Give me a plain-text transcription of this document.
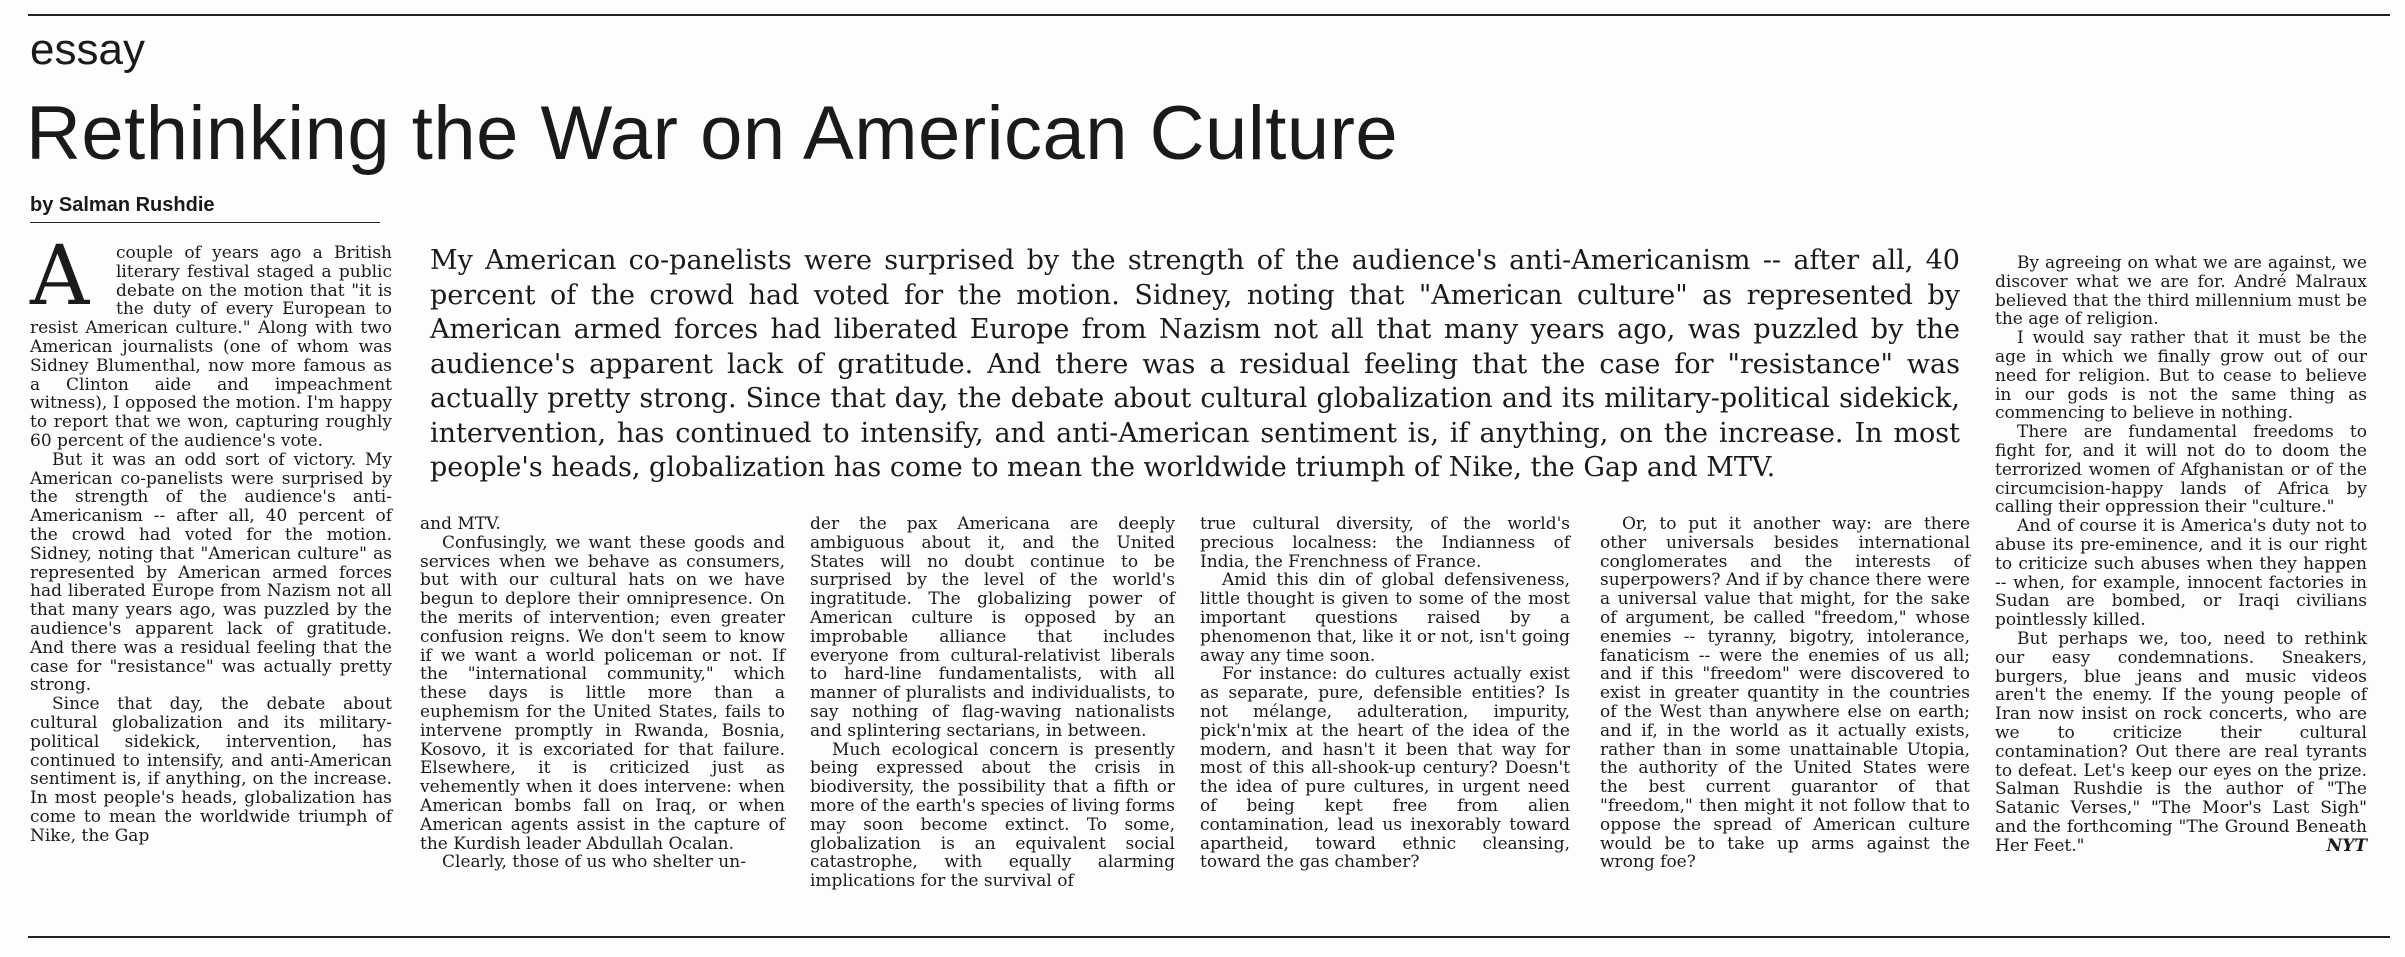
essay
Rethinking the War on American Culture
by Salman Rushdie

A couple of years ago a British literary festival staged a public debate on the motion that "it is the duty of every European to resist American culture." Along with two American journalists (one of whom was Sidney Blumenthal, now more famous as a Clinton aide and impeachment witness), I opposed the motion. I'm happy to report that we won, capturing roughly 60 percent of the audience's vote.

But it was an odd sort of victory. My American co-panelists were surprised by the strength of the audience's anti-Americanism -- after all, 40 percent of the crowd had voted for the motion. Sidney, noting that "American culture" as represented by American armed forces had liberated Europe from Nazism not all that many years ago, was puzzled by the audience's apparent lack of gratitude. And there was a residual feeling that the case for "resistance" was actually pretty strong.

Since that day, the debate about cultural globalization and its military-political sidekick, intervention, has continued to intensify, and anti-American sentiment is, if anything, on the increase. In most people's heads, globalization has come to mean the worldwide triumph of Nike, the Gap

My American co-panelists were surprised by the strength of the audience's anti-Americanism -- after all, 40 percent of the crowd had voted for the motion. Sidney, noting that "American culture" as represented by American armed forces had liberated Europe from Nazism not all that many years ago, was puzzled by the audience's apparent lack of gratitude. And there was a residual feeling that the case for "resistance" was actually pretty strong. Since that day, the debate about cultural globalization and its military-political sidekick, intervention, has continued to intensify, and anti-American sentiment is, if anything, on the increase. In most people's heads, globalization has come to mean the worldwide triumph of Nike, the Gap and MTV.

and MTV.

Confusingly, we want these goods and services when we behave as consumers, but with our cultural hats on we have begun to deplore their omnipresence. On the merits of intervention; even greater confusion reigns. We don't seem to know if we want a world policeman or not. If the "international community," which these days is little more than a euphemism for the United States, fails to intervene promptly in Rwanda, Bosnia, Kosovo, it is excoriated for that failure. Elsewhere, it is criticized just as vehemently when it does intervene: when American bombs fall on Iraq, or when American agents assist in the capture of the Kurdish leader Abdullah Ocalan.

Clearly, those of us who shelter un-

der the pax Americana are deeply ambiguous about it, and the United States will no doubt continue to be surprised by the level of the world's ingratitude. The globalizing power of American culture is opposed by an improbable alliance that includes everyone from cultural-relativist liberals to hard-line fundamentalists, with all manner of pluralists and individualists, to say nothing of flag-waving nationalists and splintering sectarians, in between.

Much ecological concern is presently being expressed about the crisis in biodiversity, the possibility that a fifth or more of the earth's species of living forms may soon become extinct. To some, globalization is an equivalent social catastrophe, with equally alarming implications for the survival of

true cultural diversity, of the world's precious localness: the Indianness of India, the Frenchness of France.

Amid this din of global defensiveness, little thought is given to some of the most important questions raised by a phenomenon that, like it or not, isn't going away any time soon.

For instance: do cultures actually exist as separate, pure, defensible entities? Is not mélange, adulteration, impurity, pick'n'mix at the heart of the idea of the modern, and hasn't it been that way for most of this all-shook-up century? Doesn't the idea of pure cultures, in urgent need of being kept free from alien contamination, lead us inexorably toward apartheid, toward ethnic cleansing, toward the gas chamber?

Or, to put it another way: are there other universals besides international conglomerates and the interests of superpowers? And if by chance there were a universal value that might, for the sake of argument, be called "freedom," whose enemies -- tyranny, bigotry, intolerance, fanaticism -- were the enemies of us all; and if this "freedom" were discovered to exist in greater quantity in the countries of the West than anywhere else on earth; and if, in the world as it actually exists, rather than in some unattainable Utopia, the authority of the United States were the best current guarantor of that "freedom," then might it not follow that to oppose the spread of American culture would be to take up arms against the wrong foe?

By agreeing on what we are against, we discover what we are for. André Malraux believed that the third millennium must be the age of religion.

I would say rather that it must be the age in which we finally grow out of our need for religion. But to cease to believe in our gods is not the same thing as commencing to believe in nothing.

There are fundamental freedoms to fight for, and it will not do to doom the terrorized women of Afghanistan or of the circumcision-happy lands of Africa by calling their oppression their "culture."

And of course it is America's duty not to abuse its pre-eminence, and it is our right to criticize such abuses when they happen -- when, for example, innocent factories in Sudan are bombed, or Iraqi civilians pointlessly killed.

But perhaps we, too, need to rethink our easy condemnations. Sneakers, burgers, blue jeans and music videos aren't the enemy. If the young people of Iran now insist on rock concerts, who are we to criticize their cultural contamination? Out there are real tyrants to defeat. Let's keep our eyes on the prize. Salman Rushdie is the author of "The Satanic Verses," "The Moor's Last Sigh" and the forthcoming "The Ground Beneath Her Feet."	NYT
